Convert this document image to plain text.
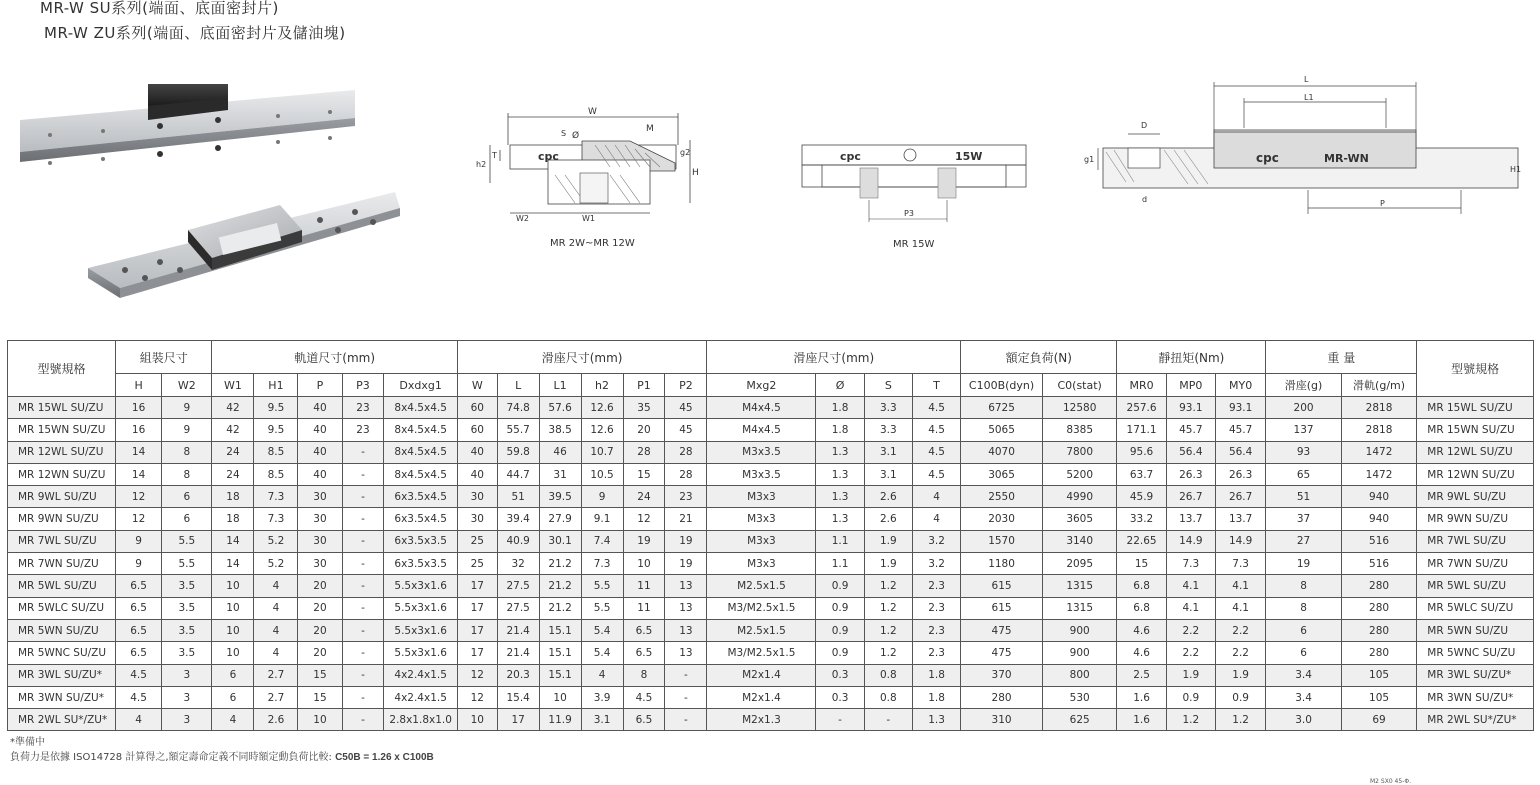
MR-W SU系列(端面、底面密封片)
MR-W ZU系列(端面、底面密封片及儲油塊)
W
M
S Ø
h2
T	g2
H
W2	W1
cpc
MR 2W~MR 12W
cpc	15W
P3
MR 15W
L
L1
D
g1
d	P
H1
cpc	MR-WN
型號規格	組裝尺寸		軌道尺寸(mm)					滑座尺寸(mm)						滑座尺寸(mm)				額定負荷(N)		靜扭矩(Nm)			重 量		型號規格
	H	W2	W1	H1	P	P3	Dxdxg1	W	L	L1	h2	P1	P2	Mxg2	Ø	S	T	C100B(dyn)	C0(stat)	MR0	MP0	MY0	滑座(g)	滑軌(g/m)	
MR 15WL SU/ZU	16	9	42	9.5	40	23	8x4.5x4.5	60	74.8	57.6	12.6	35	45	M4x4.5	1.8	3.3	4.5	6725	12580	257.6	93.1	93.1	200	2818	MR 15WL SU/ZU
MR 15WN SU/ZU	16	9	42	9.5	40	23	8x4.5x4.5	60	55.7	38.5	12.6	20	45	M4x4.5	1.8	3.3	4.5	5065	8385	171.1	45.7	45.7	137	2818	MR 15WN SU/ZU
MR 12WL SU/ZU	14	8	24	8.5	40	-	8x4.5x4.5	40	59.8	46	10.7	28	28	M3x3.5	1.3	3.1	4.5	4070	7800	95.6	56.4	56.4	93	1472	MR 12WL SU/ZU
MR 12WN SU/ZU	14	8	24	8.5	40	-	8x4.5x4.5	40	44.7	31	10.5	15	28	M3x3.5	1.3	3.1	4.5	3065	5200	63.7	26.3	26.3	65	1472	MR 12WN SU/ZU
MR 9WL SU/ZU	12	6	18	7.3	30	-	6x3.5x4.5	30	51	39.5	9	24	23	M3x3	1.3	2.6	4	2550	4990	45.9	26.7	26.7	51	940	MR 9WL SU/ZU
MR 9WN SU/ZU	12	6	18	7.3	30	-	6x3.5x4.5	30	39.4	27.9	9.1	12	21	M3x3	1.3	2.6	4	2030	3605	33.2	13.7	13.7	37	940	MR 9WN SU/ZU
MR 7WL SU/ZU	9	5.5	14	5.2	30	-	6x3.5x3.5	25	40.9	30.1	7.4	19	19	M3x3	1.1	1.9	3.2	1570	3140	22.65	14.9	14.9	27	516	MR 7WL SU/ZU
MR 7WN SU/ZU	9	5.5	14	5.2	30	-	6x3.5x3.5	25	32	21.2	7.3	10	19	M3x3	1.1	1.9	3.2	1180	2095	15	7.3	7.3	19	516	MR 7WN SU/ZU
MR 5WL SU/ZU	6.5	3.5	10	4	20	-	5.5x3x1.6	17	27.5	21.2	5.5	11	13	M2.5x1.5	0.9	1.2	2.3	615	1315	6.8	4.1	4.1	8	280	MR 5WL SU/ZU
MR 5WLC SU/ZU	6.5	3.5	10	4	20	-	5.5x3x1.6	17	27.5	21.2	5.5	11	13	M3/M2.5x1.5	0.9	1.2	2.3	615	1315	6.8	4.1	4.1	8	280	MR 5WLC SU/ZU
MR 5WN SU/ZU	6.5	3.5	10	4	20	-	5.5x3x1.6	17	21.4	15.1	5.4	6.5	13	M2.5x1.5	0.9	1.2	2.3	475	900	4.6	2.2	2.2	6	280	MR 5WN SU/ZU
MR 5WNC SU/ZU	6.5	3.5	10	4	20	-	5.5x3x1.6	17	21.4	15.1	5.4	6.5	13	M3/M2.5x1.5	0.9	1.2	2.3	475	900	4.6	2.2	2.2	6	280	MR 5WNC SU/ZU
MR 3WL SU/ZU*	4.5	3	6	2.7	15	-	4x2.4x1.5	12	20.3	15.1	4	8	-	M2x1.4	0.3	0.8	1.8	370	800	2.5	1.9	1.9	3.4	105	MR 3WL SU/ZU*
MR 3WN SU/ZU*	4.5	3	6	2.7	15	-	4x2.4x1.5	12	15.4	10	3.9	4.5	-	M2x1.4	0.3	0.8	1.8	280	530	1.6	0.9	0.9	3.4	105	MR 3WN SU/ZU*
MR 2WL SU*/ZU*	4	3	4	2.6	10	-	2.8x1.8x1.0	10	17	11.9	3.1	6.5	-	M2x1.3	-	-	1.3	310	625	1.6	1.2	1.2	3.0	69	MR 2WL SU*/ZU*
*準備中
負荷力是依據 ISO14728 計算得之,額定壽命定義不同時額定動負荷比較: C50B = 1.26 x C100B
M2 SX0 45-Φ.
